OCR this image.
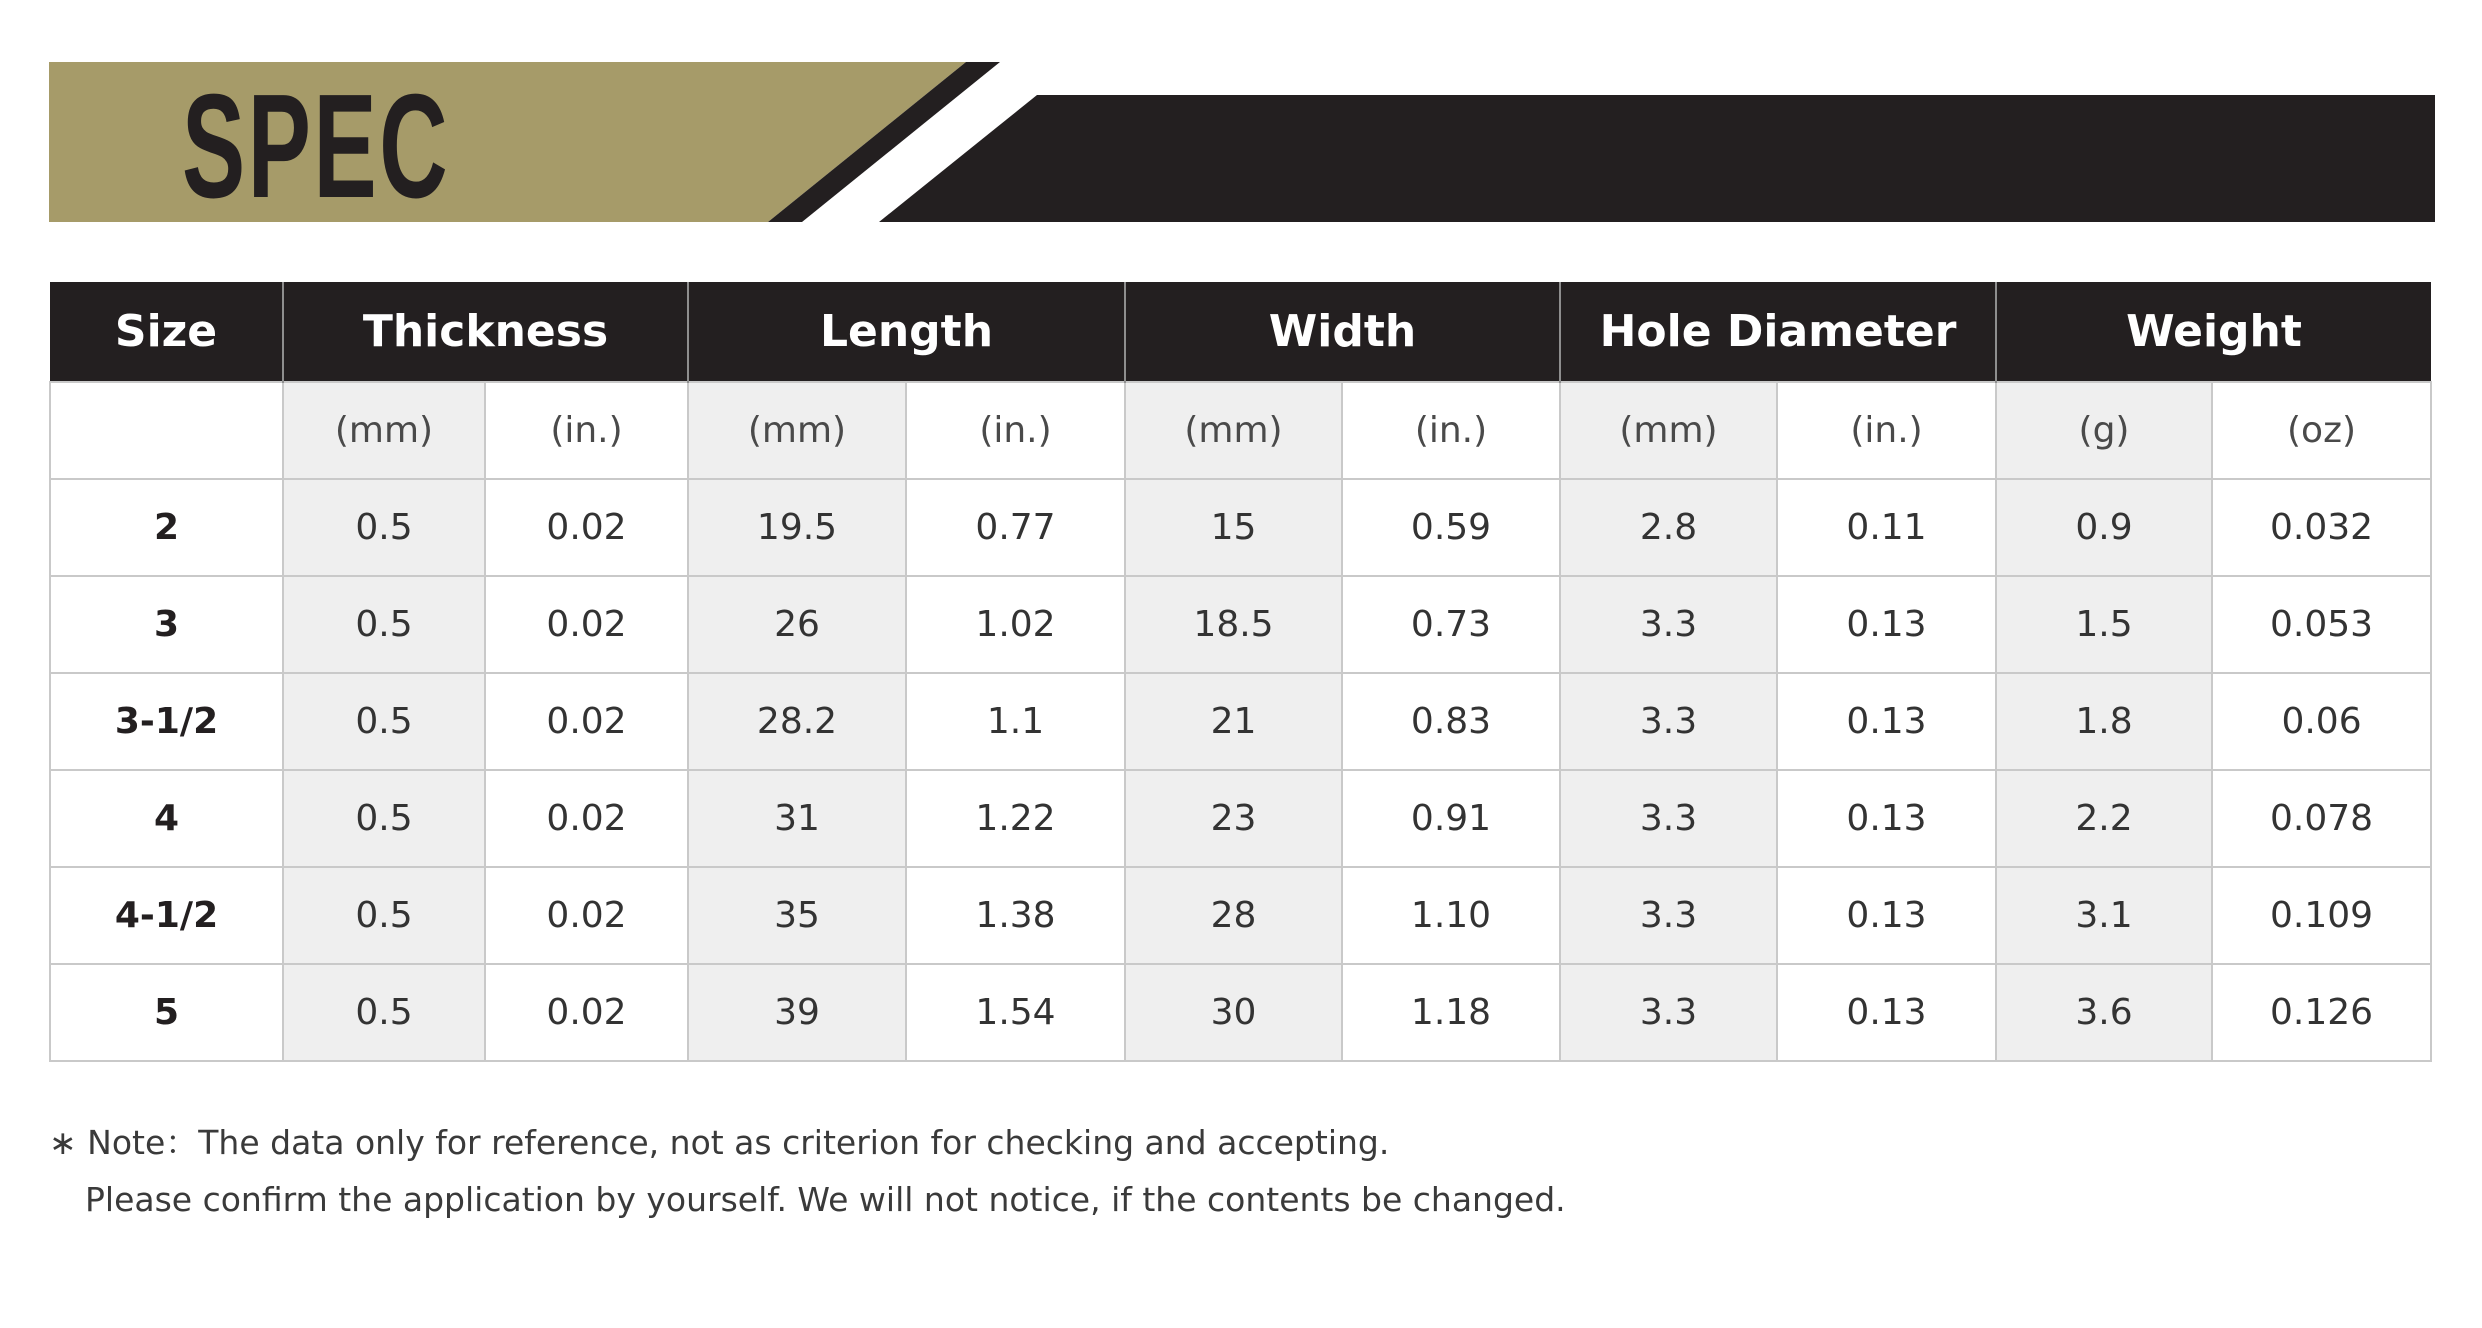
SPEC
Size	Thickness		Length		Width		Hole Diameter		Weight	
	(mm)	(in.)	(mm)	(in.)	(mm)	(in.)	(mm)	(in.)	(g)	(oz)
2	0.5	0.02	19.5	0.77	15	0.59	2.8	0.11	0.9	0.032
3	0.5	0.02	26	1.02	18.5	0.73	3.3	0.13	1.5	0.053
3-1/2	0.5	0.02	28.2	1.1	21	0.83	3.3	0.13	1.8	0.06
4	0.5	0.02	31	1.22	23	0.91	3.3	0.13	2.2	0.078
4-1/2	0.5	0.02	35	1.38	28	1.10	3.3	0.13	3.1	0.109
5	0.5	0.02	39	1.54	30	1.18	3.3	0.13	3.6	0.126
∗ Note：The data only for reference, not as criterion for checking and accepting.
Please confirm the application by yourself. We will not notice, if the contents be changed.
